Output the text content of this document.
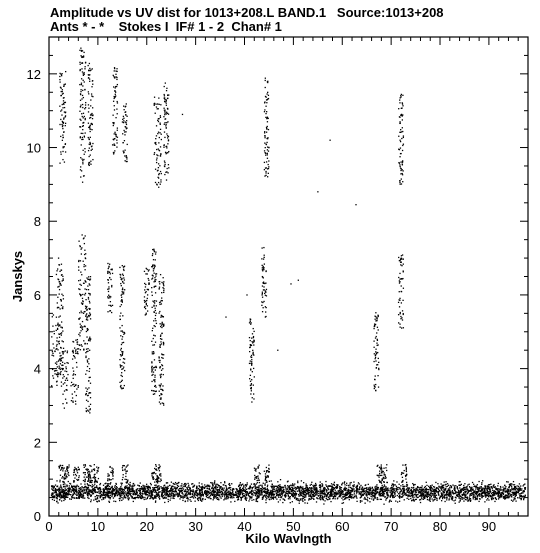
Amplitude vs UV dist for 1013+208.L BAND.1   Source:1013+208
Ants * - *    Stokes I  IF# 1 - 2  Chan# 1
0	10	20	30	40	50	60	70	80	90
0
2
4
6
8
10
12
Kilo Wavlngth
Janskys
